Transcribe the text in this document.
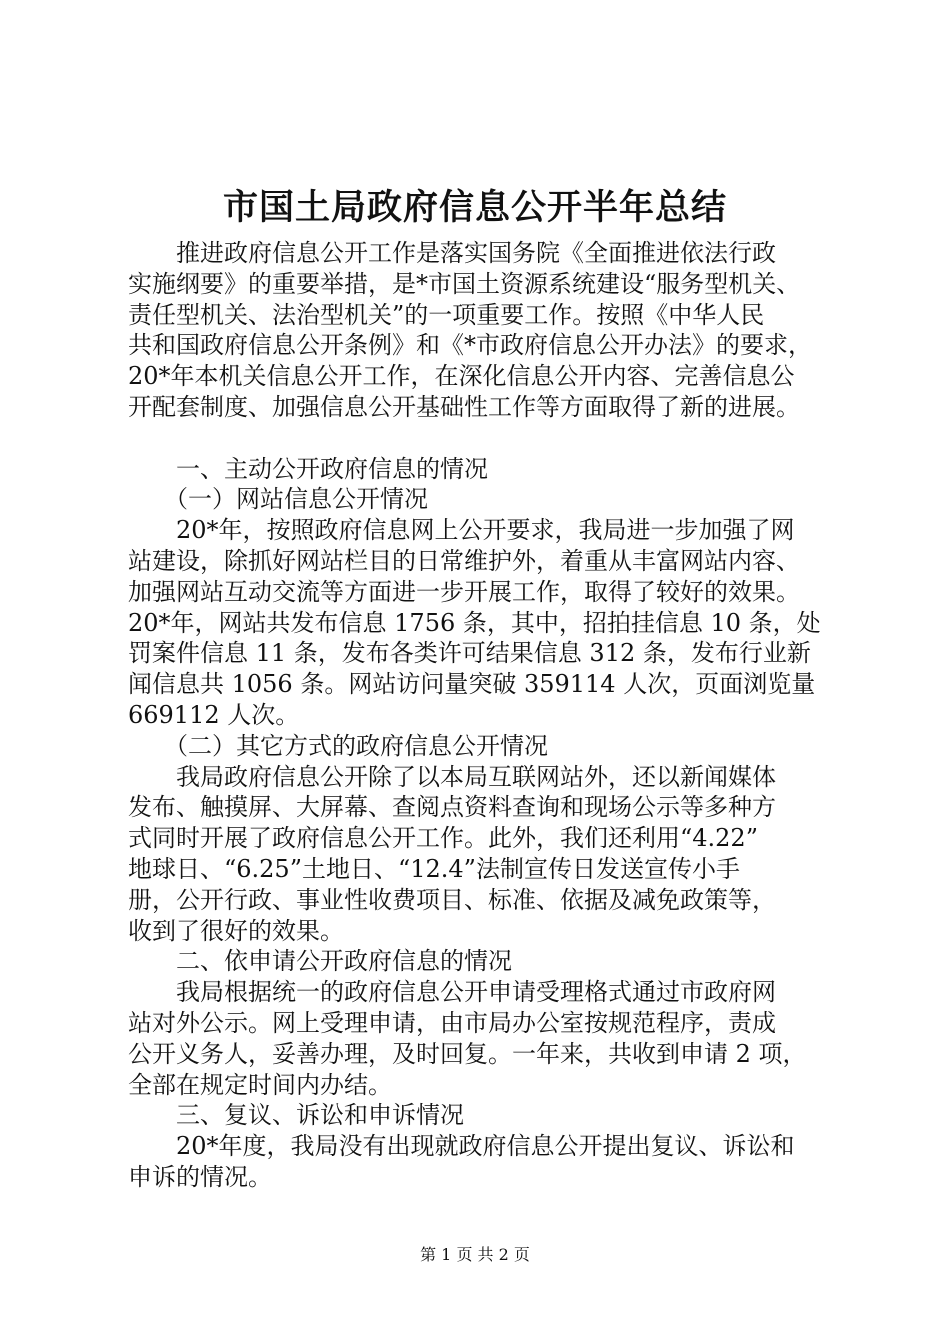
市国土局政府信息公开半年总结
　　推进政府信息公开工作是落实国务院《全面推进依法行政
实施纲要》的重要举措，是*市国土资源系统建设“服务型机关、
责任型机关、法治型机关”的一项重要工作。按照《中华人民
共和国政府信息公开条例》和《*市政府信息公开办法》的要求，
20*年本机关信息公开工作，在深化信息公开内容、完善信息公
开配套制度、加强信息公开基础性工作等方面取得了新的进展。
　　一、主动公开政府信息的情况
　　（一）网站信息公开情况
　　20*年，按照政府信息网上公开要求，我局进一步加强了网
站建设，除抓好网站栏目的日常维护外，着重从丰富网站内容、
加强网站互动交流等方面进一步开展工作，取得了较好的效果。
20*年，网站共发布信息 1756 条，其中，招拍挂信息 10 条，处
罚案件信息 11 条，发布各类许可结果信息 312 条，发布行业新
闻信息共 1056 条。网站访问量突破 359114 人次，页面浏览量
669112 人次。
　　（二）其它方式的政府信息公开情况
　　我局政府信息公开除了以本局互联网站外，还以新闻媒体
发布、触摸屏、大屏幕、查阅点资料查询和现场公示等多种方
式同时开展了政府信息公开工作。此外，我们还利用“4.22”
地球日、“6.25”土地日、“12.4”法制宣传日发送宣传小手
册，公开行政、事业性收费项目、标准、依据及减免政策等，
收到了很好的效果。
　　二、依申请公开政府信息的情况
　　我局根据统一的政府信息公开申请受理格式通过市政府网
站对外公示。网上受理申请，由市局办公室按规范程序，责成
公开义务人，妥善办理，及时回复。一年来，共收到申请 2 项，
全部在规定时间内办结。
　　三、复议、诉讼和申诉情况
　　20*年度，我局没有出现就政府信息公开提出复议、诉讼和
申诉的情况。
第 1 页 共 2 页
